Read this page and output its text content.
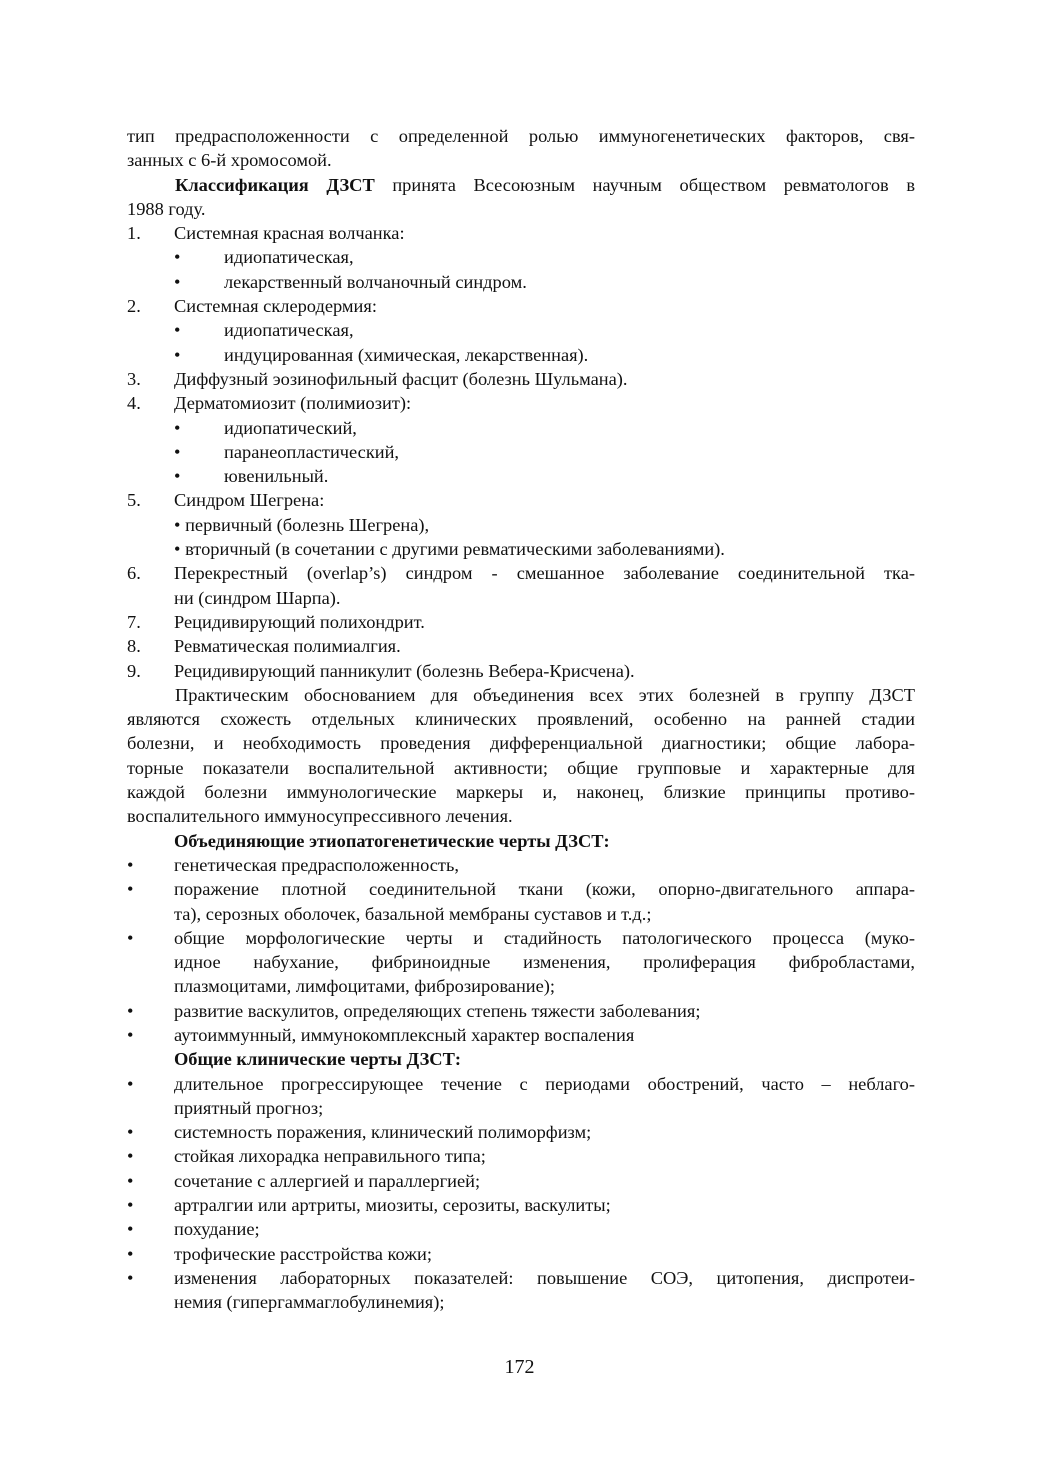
тип предрасположенности с определенной ролью иммуногенетических факторов, свя-

занных с 6-й хромосомой.

Классификация ДЗСТ принята Всесоюзным научным обществом ревматологов в

1988 году.

1.	Системная красная волчанка:
•	идиопатическая,
•	лекарственный волчаночный синдром.
2.	Системная склеродермия:
•	идиопатическая,
•	индуцированная (химическая, лекарственная).
3.	Диффузный эозинофильный фасцит (болезнь Шульмана).
4.	Дерматомиозит (полимиозит):
•	идиопатический,
•	паранеопластический,
•	ювенильный.
5.	Синдром Шегрена:
• первичный (болезнь Шегрена),
• вторичный (в сочетании с другими ревматическими заболеваниями).
6.	Перекрестный (overlap’s) синдром - смешанное заболевание соединительной тка-
ни (синдром Шарпа).
7.	Рецидивирующий полихондрит.
8.	Ревматическая полимиалгия.
9.	Рецидивирующий панникулит (болезнь Вебера-Крисчена).

Практическим обоснованием для объединения всех этих болезней в группу ДЗСТ

являются схожесть отдельных клинических проявлений, особенно на ранней стадии

болезни, и необходимость проведения дифференциальной диагностики; общие лабора-

торные показатели воспалительной активности; общие групповые и характерные для

каждой болезни иммунологические маркеры и, наконец, близкие принципы противо-

воспалительного иммуносупрессивного лечения.

Объединяющие этиопатогенетические черты ДЗСТ:

•	генетическая предрасположенность,
•	поражение плотной соединительной ткани (кожи, опорно-двигательного аппара-
та), серозных оболочек, базальной мембраны суставов и т.д.;
•	общие морфологические черты и стадийность патологического процесса (муко-
идное набухание, фибриноидные изменения, пролиферация фибробластами,
плазмоцитами, лимфоцитами, фиброзирование);
•	развитие васкулитов, определяющих степень тяжести заболевания;
•	аутоиммунный, иммунокомплексный характер воспаления

Общие клинические черты ДЗСТ:

•	длительное прогрессирующее течение с периодами обострений, часто – неблаго-
приятный прогноз;
•	системность поражения, клинический полиморфизм;
•	стойкая лихорадка неправильного типа;
•	сочетание с аллергией и параллергией;
•	артралгии или артриты, миозиты, серозиты, васкулиты;
•	похудание;
•	трофические расстройства кожи;
•	изменения лабораторных показателей: повышение СОЭ, цитопения, диспротеи-
немия (гипергаммаглобулинемия);
172
